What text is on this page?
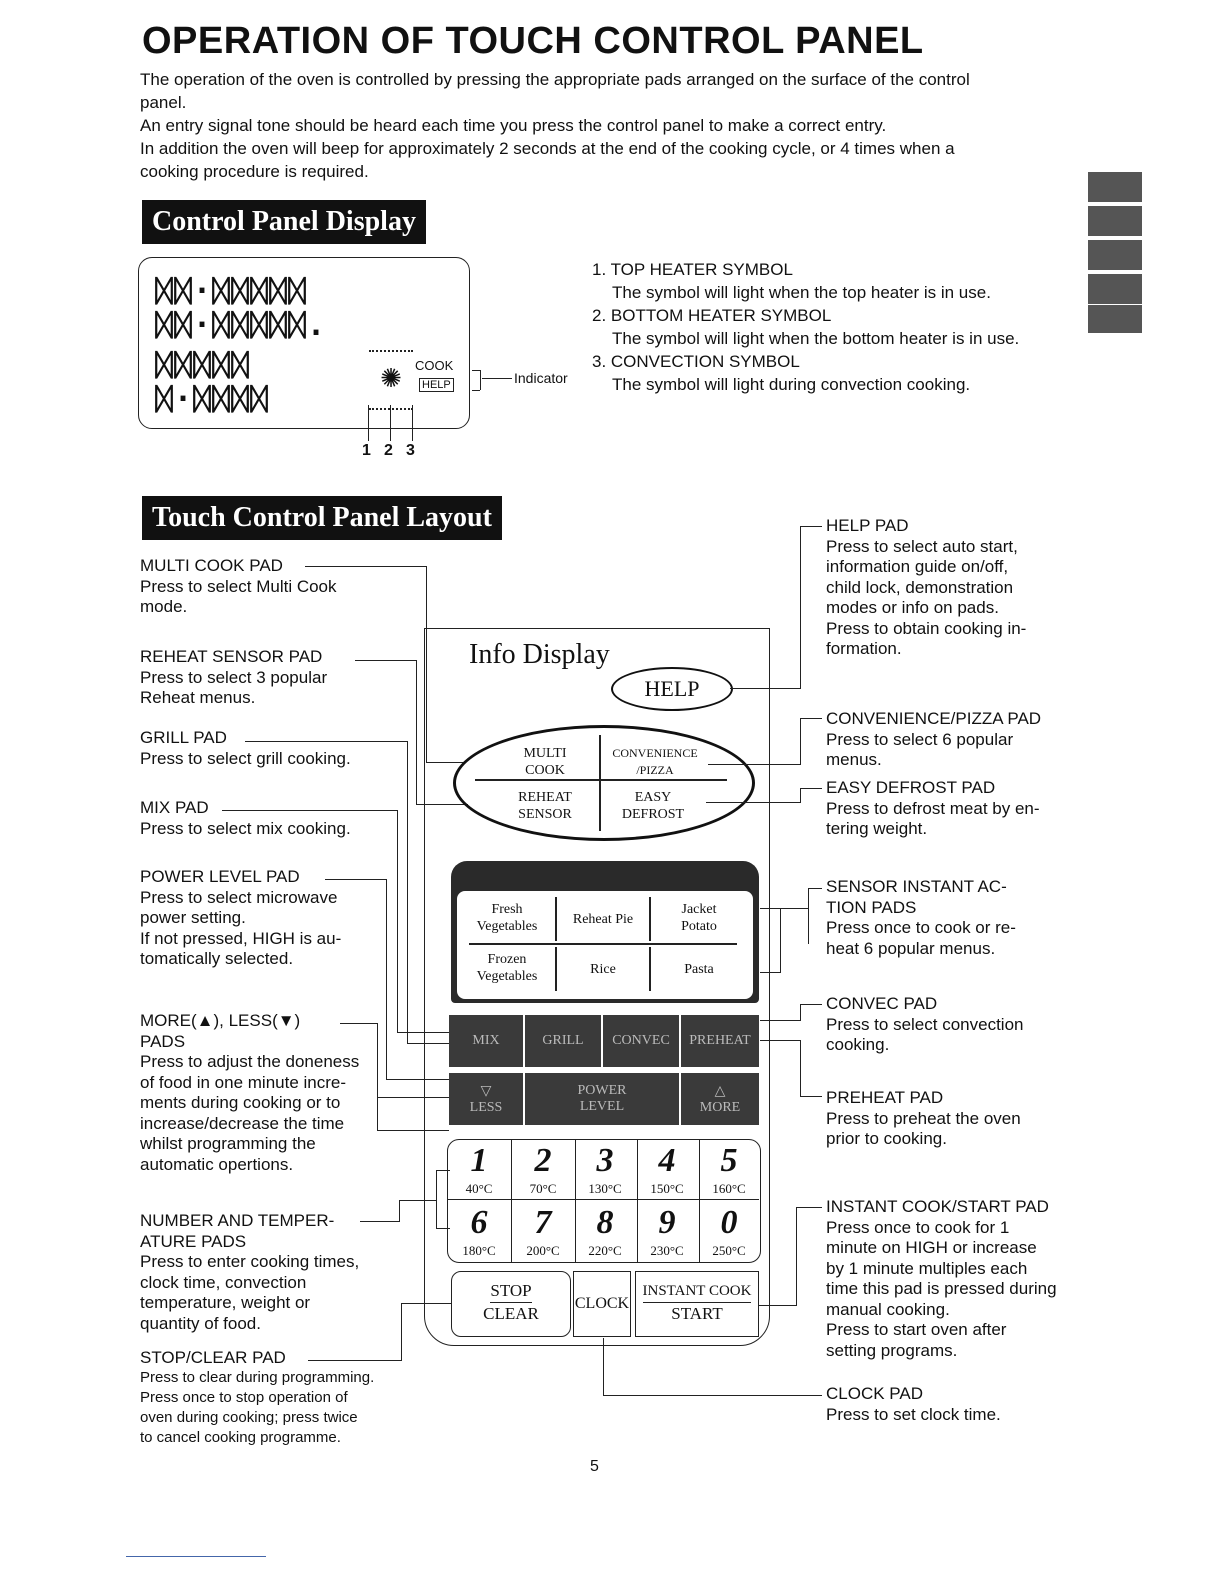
OPERATION OF TOUCH CONTROL PANEL
The operation of the oven is controlled by pressing the appropriate pads arranged on the surface of the control
panel.
An entry signal tone should be heard each time you press the control panel to make a correct entry.
In addition the oven will beep for approximately 2 seconds at the end of the cooking cycle, or 4 times when a
cooking procedure is required.
Control Panel Display
ᛞᛞ·ᛞᛞᛞᛞᛞ
ᛞᛞ·ᛞᛞᛞᛞᛞ.
ᛞᛞᛞᛞᛞ
ᛞ·ᛞᛞᛞᛞ
✺	COOK
HELP	Indicator
1 2 3
1. TOP HEATER SYMBOL
The symbol will light when the top heater is in use.
2. BOTTOM HEATER SYMBOL
The symbol will light when the bottom heater is in use.
3. CONVECTION SYMBOL
The symbol will light during convection cooking.
Touch Control Panel Layout
MULTI COOK PAD
Press to select Multi Cook
mode.
REHEAT SENSOR PAD
Press to select 3 popular
Reheat menus.
GRILL PAD
Press to select grill cooking.
MIX PAD
Press to select mix cooking.
POWER LEVEL PAD
Press to select microwave
power setting.
If not pressed, HIGH is au-
tomatically selected.
MORE(▲), LESS(▼)
PADS
Press to adjust the doneness
of food in one minute incre-
ments during cooking or to
increase/decrease the time
whilst programming the
automatic opertions.
NUMBER AND TEMPER-
ATURE PADS
Press to enter cooking times,
clock time, convection
temperature, weight or
quantity of food.
STOP/CLEAR PAD
Press to clear during programming.
Press once to stop operation of
oven during cooking; press twice
to cancel cooking programme.
Info Display
HELP
MULTI
COOK
CONVENIENCE
/PIZZA
REHEAT
SENSOR
EASY
DEFROST
Fresh
Vegetables	Reheat Pie
Jacket
Potato
Frozen
Vegetables	Rice	Pasta
MIX	GRILL	CONVEC	PREHEAT
▽
LESS
POWER
LEVEL
△
MORE
1
40°C
2
70°C
3
130°C
4
150°C
5
160°C
6
180°C
7
200°C
8
220°C
9
230°C
0
250°C
STOP
CLEAR
CLOCK
INSTANT COOK
START
HELP PAD
Press to select auto start,
information guide on/off,
child lock, demonstration
modes or info on pads.
Press to obtain cooking in-
formation.
CONVENIENCE/PIZZA PAD
Press to select 6 popular
menus.
EASY DEFROST PAD
Press to defrost meat by en-
tering weight.
SENSOR INSTANT AC-
TION PADS
Press once to cook or re-
heat 6 popular menus.
CONVEC PAD
Press to select convection
cooking.
PREHEAT PAD
Press to preheat the oven
prior to cooking.
INSTANT COOK/START PAD
Press once to cook for 1
minute on HIGH or increase
by 1 minute multiples each
time this pad is pressed during
manual cooking.
Press to start oven after
setting programs.
CLOCK PAD
Press to set clock time.
5
